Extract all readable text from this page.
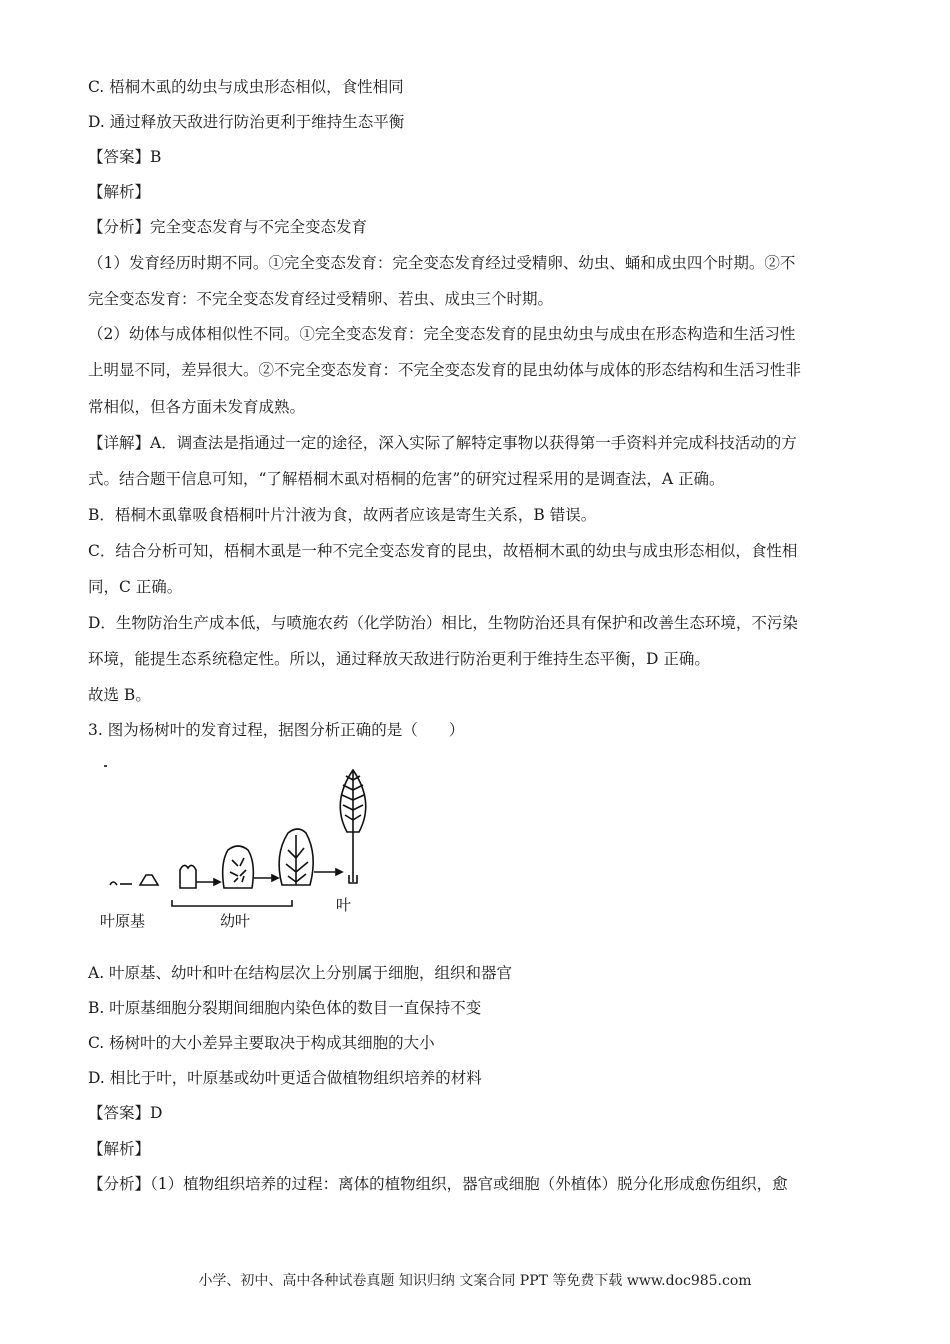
C. 梧桐木虱的幼虫与成虫形态相似，食性相同
D. 通过释放天敌进行防治更利于维持生态平衡
【答案】B
【解析】
【分析】完全变态发育与不完全变态发育
（1）发育经历时期不同。①完全变态发育：完全变态发育经过受精卵、幼虫、蛹和成虫四个时期。②不
完全变态发育：不完全变态发育经过受精卵、若虫、成虫三个时期。
（2）幼体与成体相似性不同。①完全变态发育：完全变态发育的昆虫幼虫与成虫在形态构造和生活习性
上明显不同，差异很大。②不完全变态发育：不完全变态发育的昆虫幼体与成体的形态结构和生活习性非
常相似，但各方面未发育成熟。
【详解】A．调查法是指通过一定的途径，深入实际了解特定事物以获得第一手资料并完成科技活动的方
式。结合题干信息可知，“了解梧桐木虱对梧桐的危害”的研究过程采用的是调查法，A 正确。
B．梧桐木虱靠吸食梧桐叶片汁液为食，故两者应该是寄生关系，B 错误。
C．结合分析可知，梧桐木虱是一种不完全变态发育的昆虫，故梧桐木虱的幼虫与成虫形态相似，食性相
同，C 正确。
D．生物防治生产成本低，与喷施农药（化学防治）相比，生物防治还具有保护和改善生态环境，不污染
环境，能提生态系统稳定性。所以，通过释放天敌进行防治更利于维持生态平衡，D 正确。
故选 B。
3. 图为杨树叶的发育过程，据图分析正确的是（　　）
叶原基	幼叶
叶
A. 叶原基、幼叶和叶在结构层次上分别属于细胞，组织和器官
B. 叶原基细胞分裂期间细胞内染色体的数目一直保持不变
C. 杨树叶的大小差异主要取决于构成其细胞的大小
D. 相比于叶，叶原基或幼叶更适合做植物组织培养的材料
【答案】D
【解析】
【分析】（1）植物组织培养的过程：离体的植物组织，器官或细胞（外植体）脱分化形成愈伤组织，愈
小学、初中、高中各种试卷真题 知识归纳 文案合同 PPT 等免费下载 www.doc985.com
